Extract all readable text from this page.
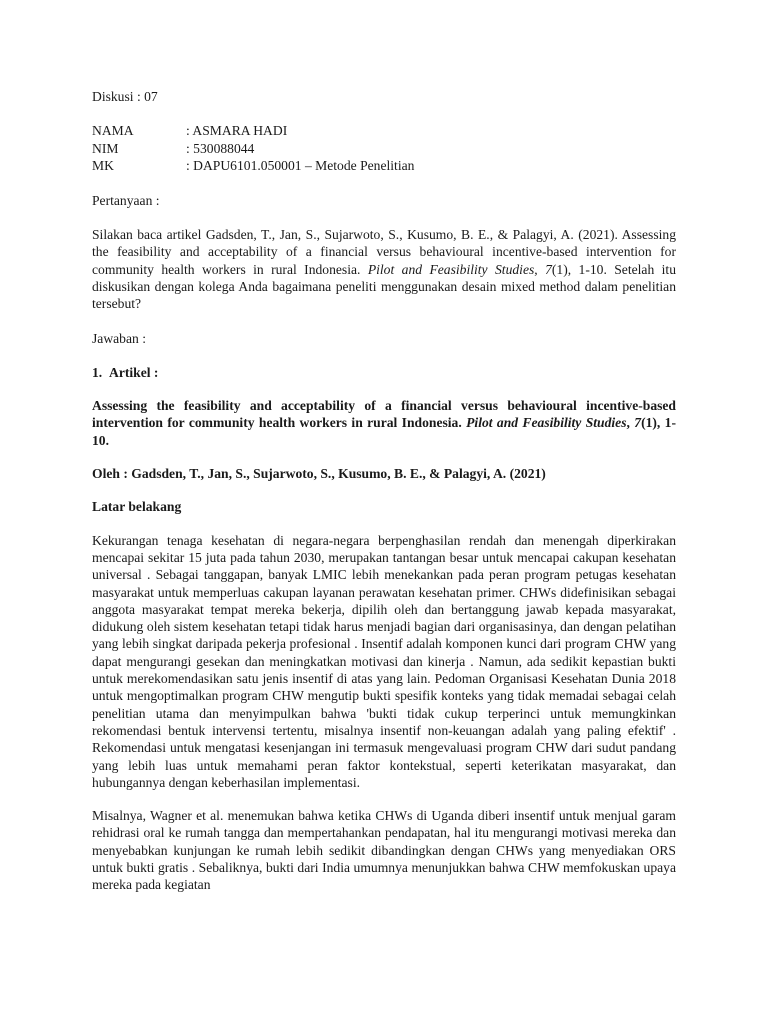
Diskusi : 07

NAMA	: ASMARA HADI
NIM	: 530088044
MK	: DAPU6101.050001 – Metode Penelitian

Pertanyaan :

Silakan baca artikel Gadsden, T., Jan, S., Sujarwoto, S., Kusumo, B. E., & Palagyi, A. (2021). Assessing the feasibility and acceptability of a financial versus behavioural incentive-based intervention for community health workers in rural Indonesia. Pilot and Feasibility Studies, 7(1), 1-10. Setelah itu diskusikan dengan kolega Anda bagaimana peneliti menggunakan desain mixed method dalam penelitian tersebut?

Jawaban :

1. Artikel :

Assessing the feasibility and acceptability of a financial versus behavioural incentive-based intervention for community health workers in rural Indonesia. Pilot and Feasibility Studies, 7(1), 1-10.

Oleh : Gadsden, T., Jan, S., Sujarwoto, S., Kusumo, B. E., & Palagyi, A. (2021)

Latar belakang

Kekurangan tenaga kesehatan di negara-negara berpenghasilan rendah dan menengah diperkirakan mencapai sekitar 15 juta pada tahun 2030, merupakan tantangan besar untuk mencapai cakupan kesehatan universal . Sebagai tanggapan, banyak LMIC lebih menekankan pada peran program petugas kesehatan masyarakat untuk memperluas cakupan layanan perawatan kesehatan primer. CHWs didefinisikan sebagai anggota masyarakat tempat mereka bekerja, dipilih oleh dan bertanggung jawab kepada masyarakat, didukung oleh sistem kesehatan tetapi tidak harus menjadi bagian dari organisasinya, dan dengan pelatihan yang lebih singkat daripada pekerja profesional . Insentif adalah komponen kunci dari program CHW yang dapat mengurangi gesekan dan meningkatkan motivasi dan kinerja . Namun, ada sedikit kepastian bukti untuk merekomendasikan satu jenis insentif di atas yang lain. Pedoman Organisasi Kesehatan Dunia 2018 untuk mengoptimalkan program CHW mengutip bukti spesifik konteks yang tidak memadai sebagai celah penelitian utama dan menyimpulkan bahwa 'bukti tidak cukup terperinci untuk memungkinkan rekomendasi bentuk intervensi tertentu, misalnya insentif non-keuangan adalah yang paling efektif' . Rekomendasi untuk mengatasi kesenjangan ini termasuk mengevaluasi program CHW dari sudut pandang yang lebih luas untuk memahami peran faktor kontekstual, seperti keterikatan masyarakat, dan hubungannya dengan keberhasilan implementasi.

Misalnya, Wagner et al. menemukan bahwa ketika CHWs di Uganda diberi insentif untuk menjual garam rehidrasi oral ke rumah tangga dan mempertahankan pendapatan, hal itu mengurangi motivasi mereka dan menyebabkan kunjungan ke rumah lebih sedikit dibandingkan dengan CHWs yang menyediakan ORS untuk bukti gratis . Sebaliknya, bukti dari India umumnya menunjukkan bahwa CHW memfokuskan upaya mereka pada kegiatan
